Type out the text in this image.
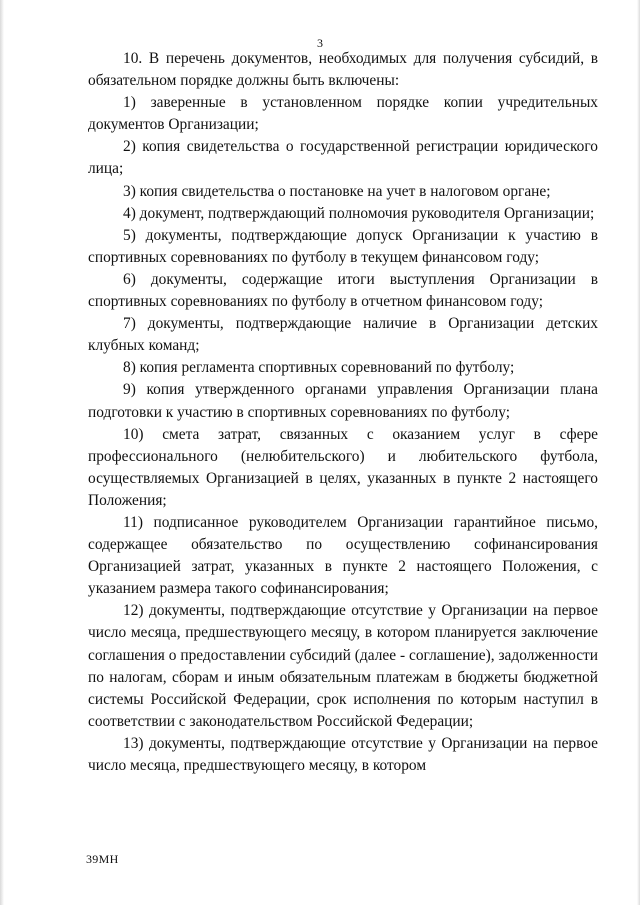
3

10. В перечень документов, необходимых для получения субсидий, в обязательном порядке должны быть включены:

1) заверенные в установленном порядке копии учредительных документов Организации;

2) копия свидетельства о государственной регистрации юридического лица;

3) копия свидетельства о постановке на учет в налоговом органе;

4) документ, подтверждающий полномочия руководителя Организации;

5) документы, подтверждающие допуск Организации к участию в спортивных соревнованиях по футболу в текущем финансовом году;

6) документы, содержащие итоги выступления Организации в спортивных соревнованиях по футболу в отчетном финансовом году;

7) документы, подтверждающие наличие в Организации детских клубных команд;

8) копия регламента спортивных соревнований по футболу;

9) копия утвержденного органами управления Организации плана подготовки к участию в спортивных соревнованиях по футболу;

10) смета затрат, связанных с оказанием услуг в сфере профессионального (нелюбительского) и любительского футбола, осуществляемых Организацией в целях, указанных в пункте 2 настоящего Положения;

11) подписанное руководителем Организации гарантийное письмо, содержащее обязательство по осуществлению софинансирования Организацией затрат, указанных в пункте 2 настоящего Положения, с указанием размера такого софинансирования;

12) документы, подтверждающие отсутствие у Организации на первое число месяца, предшествующего месяцу, в котором планируется заключение соглашения о предоставлении субсидий (далее - соглашение), задолженности по налогам, сборам и иным обязательным платежам в бюджеты бюджетной системы Российской Федерации, срок исполнения по которым наступил в соответствии с законодательством Российской Федерации;

13) документы, подтверждающие отсутствие у Организации на первое число месяца, предшествующего месяцу, в котором

39МН
